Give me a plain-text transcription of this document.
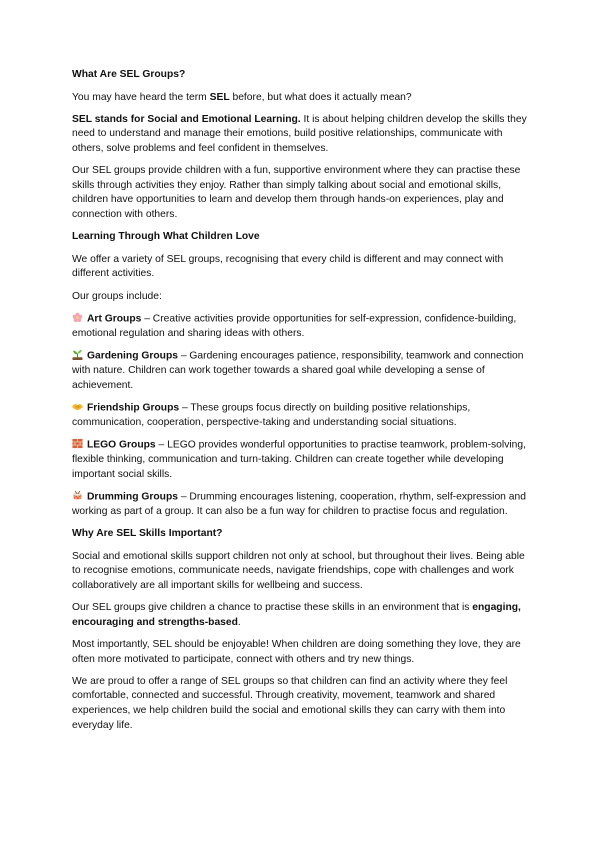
What Are SEL Groups?

You may have heard the term SEL before, but what does it actually mean?

SEL stands for Social and Emotional Learning. It is about helping children develop the skills they need to understand and manage their emotions, build positive relationships, communicate with others, solve problems and feel confident in themselves.

Our SEL groups provide children with a fun, supportive environment where they can practise these skills through activities they enjoy. Rather than simply talking about social and emotional skills, children have opportunities to learn and develop them through hands-on experiences, play and connection with others.

Learning Through What Children Love

We offer a variety of SEL groups, recognising that every child is different and may connect with different activities.

Our groups include:

Art Groups – Creative activities provide opportunities for self-expression, confidence-building, emotional regulation and sharing ideas with others.

Gardening Groups – Gardening encourages patience, responsibility, teamwork and connection with nature. Children can work together towards a shared goal while developing a sense of achievement.

Friendship Groups – These groups focus directly on building positive relationships, communication, cooperation, perspective-taking and understanding social situations.

LEGO Groups – LEGO provides wonderful opportunities to practise teamwork, problem-solving, flexible thinking, communication and turn-taking. Children can create together while developing important social skills.

Drumming Groups – Drumming encourages listening, cooperation, rhythm, self-expression and working as part of a group. It can also be a fun way for children to practise focus and regulation.

Why Are SEL Skills Important?

Social and emotional skills support children not only at school, but throughout their lives. Being able to recognise emotions, communicate needs, navigate friendships, cope with challenges and work collaboratively are all important skills for wellbeing and success.

Our SEL groups give children a chance to practise these skills in an environment that is engaging, encouraging and strengths-based.

Most importantly, SEL should be enjoyable! When children are doing something they love, they are often more motivated to participate, connect with others and try new things.

We are proud to offer a range of SEL groups so that children can find an activity where they feel comfortable, connected and successful. Through creativity, movement, teamwork and shared experiences, we help children build the social and emotional skills they can carry with them into everyday life.
